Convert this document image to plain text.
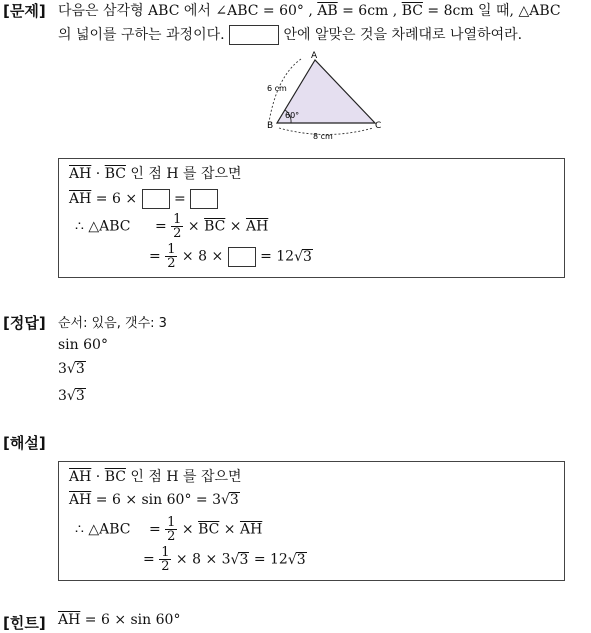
[문제] 다음은 삼각형 ABC 에서 ∠ABC = 60° , $\overline{AB} = 6cm$ , $\overline{BC} = 8cm$ 일 때, △ABC
의 넓이를 구하는 과정이다.	안에 알맞은 것을 차례대로 나열하여라.
A
B	C
6 cm
8 cm
60°
$\overline{AH} \cdot \overline{BC}$ 인 점 H 를 잡으면
$\overline{AH} = 6$ ×  =
∴ △ABC = $\frac{1}{2} \times \overline{BC} \times \overline{AH}$
= $\frac{1}{2} \times 8$ ×  = 12√3
[정답] 순서: 있음, 갯수: 3
sin 60°
3√3
3√3
[해설]
$\overline{AH} \cdot \overline{BC}$ 인 점 H 를 잡으면
$\overline{AH} = 6 \times \sin 60^\circ = 3√3$
∴ △ABC = $\frac{1}{2} \times \overline{BC} \times \overline{AH}$
= $\frac{1}{2} \times 8 \times 3√3 = 12√3$
[힌트] $\overline{AH} = 6 \times \sin 60^\circ$
